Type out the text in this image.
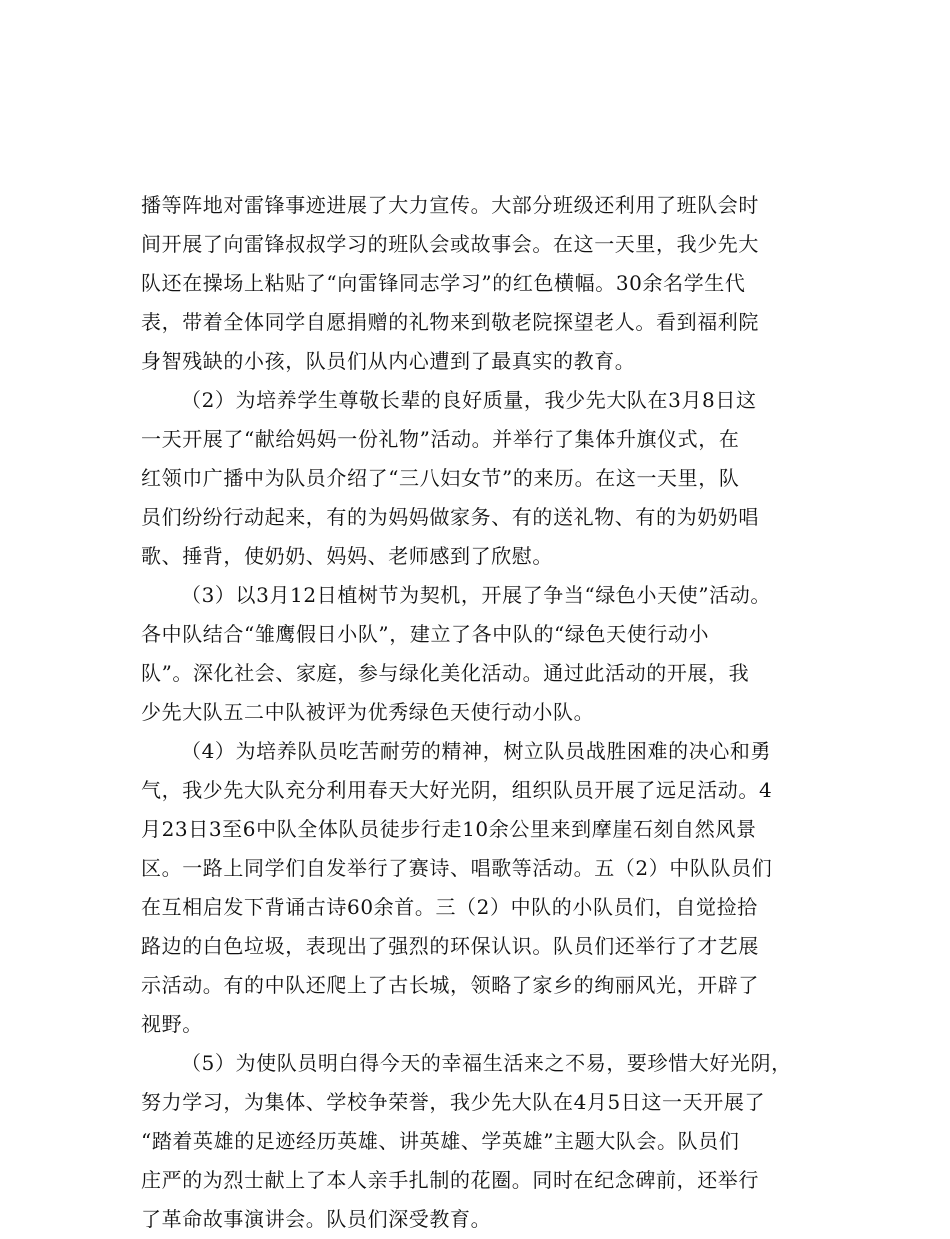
播等阵地对雷锋事迹进展了大力宣传。大部分班级还利用了班队会时
间开展了向雷锋叔叔学习的班队会或故事会。在这一天里，我少先大
队还在操场上粘贴了“向雷锋同志学习”的红色横幅。30余名学生代
表，带着全体同学自愿捐赠的礼物来到敬老院探望老人。看到福利院
身智残缺的小孩，队员们从内心遭到了最真实的教育。
（2）为培养学生尊敬长辈的良好质量，我少先大队在3月8日这
一天开展了“献给妈妈一份礼物”活动。并举行了集体升旗仪式，在
红领巾广播中为队员介绍了“三八妇女节”的来历。在这一天里，队
员们纷纷行动起来，有的为妈妈做家务、有的送礼物、有的为奶奶唱
歌、捶背，使奶奶、妈妈、老师感到了欣慰。
（3）以3月12日植树节为契机，开展了争当“绿色小天使”活动。
各中队结合“雏鹰假日小队”，建立了各中队的“绿色天使行动小
队”。深化社会、家庭，参与绿化美化活动。通过此活动的开展，我
少先大队五二中队被评为优秀绿色天使行动小队。
（4）为培养队员吃苦耐劳的精神，树立队员战胜困难的决心和勇
气，我少先大队充分利用春天大好光阴，组织队员开展了远足活动。4
月23日3至6中队全体队员徒步行走10余公里来到摩崖石刻自然风景
区。一路上同学们自发举行了赛诗、唱歌等活动。五（2）中队队员们
在互相启发下背诵古诗60余首。三（2）中队的小队员们，自觉捡拾
路边的白色垃圾，表现出了强烈的环保认识。队员们还举行了才艺展
示活动。有的中队还爬上了古长城，领略了家乡的绚丽风光，开辟了
视野。
（5）为使队员明白得今天的幸福生活来之不易，要珍惜大好光阴，
努力学习，为集体、学校争荣誉，我少先大队在4月5日这一天开展了
“踏着英雄的足迹经历英雄、讲英雄、学英雄”主题大队会。队员们
庄严的为烈士献上了本人亲手扎制的花圈。同时在纪念碑前，还举行
了革命故事演讲会。队员们深受教育。
